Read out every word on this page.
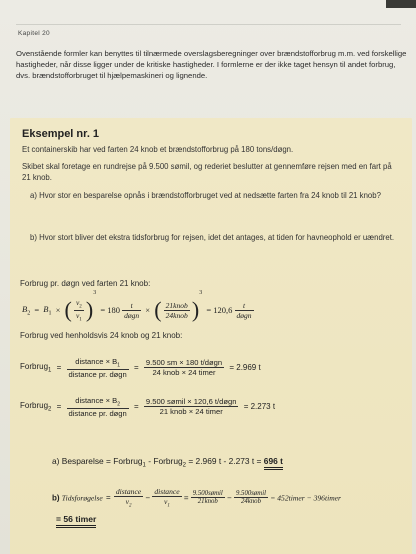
Kapitel 20
Ovenstående formler kan benyttes til tilnærmede overslagsberegninger over brændstofforbrug m.m. ved forskellige hastigheder, når disse ligger under de kritiske hastigheder. I formlerne er der ikke taget hensyn til andet forbrug, dvs. brændstofforbruget til hjælpemaskineri og lignende.
Eksempel nr. 1
Et containerskib har ved farten 24 knob et brændstofforbrug på 180 tons/døgn.
Skibet skal foretage en rundrejse på 9.500 sømil, og rederiet beslutter at gennemføre rejsen med en fart på 21 knob.
a) Hvor stor en besparelse opnås i brændstofforbruget ved at nedsætte farten fra 24 knob til 21 knob?
b) Hvor stort bliver det ekstra tidsforbrug for rejsen, idet det antages, at tiden for havneophold er uændret.
Forbrug pr. døgn ved farten 21 knob:
$B_2 = B_1$ × ( $\frac{v_2}{v_1} )^3 = 180 \frac{t}{\text{døgn}}$ × ( $\frac{\text{21knob}}{\text{24knob}} )^3 = 120,6 \frac{t}{\text{døgn}}$
Forbrug ved henholdsvis 24 knob og 21 knob:
Forbrug$_1$ = $\frac{distance \times B_1}{\text{distance pr. døgn}} = \frac{\text{9.500 sm × 180 t/døgn}}{\text{24 knob × 24 timer}} = 2.969$ t
Forbrug$_2$ = $\frac{distance \times B_2}{\text{distance pr. døgn}} = \frac{\text{9.500 sømil × 120,6 t/døgn}}{\text{21 knob × 24 timer}} = 2.273$ t
a) Besparelse = Forbrug$_1$ - Forbrug$_2$ = 2.969 t - 2.273 t = 696 t
b) Tidsforøgelse = $\frac{\text{distance}}{v_2} - \frac{\text{distance}}{v_1} = \frac{\text{9.500sømil}}{\text{21knob}} - \frac{\text{9.500sømil}}{\text{24knob}}$ = 452timer − 396timer
= 56 timer
